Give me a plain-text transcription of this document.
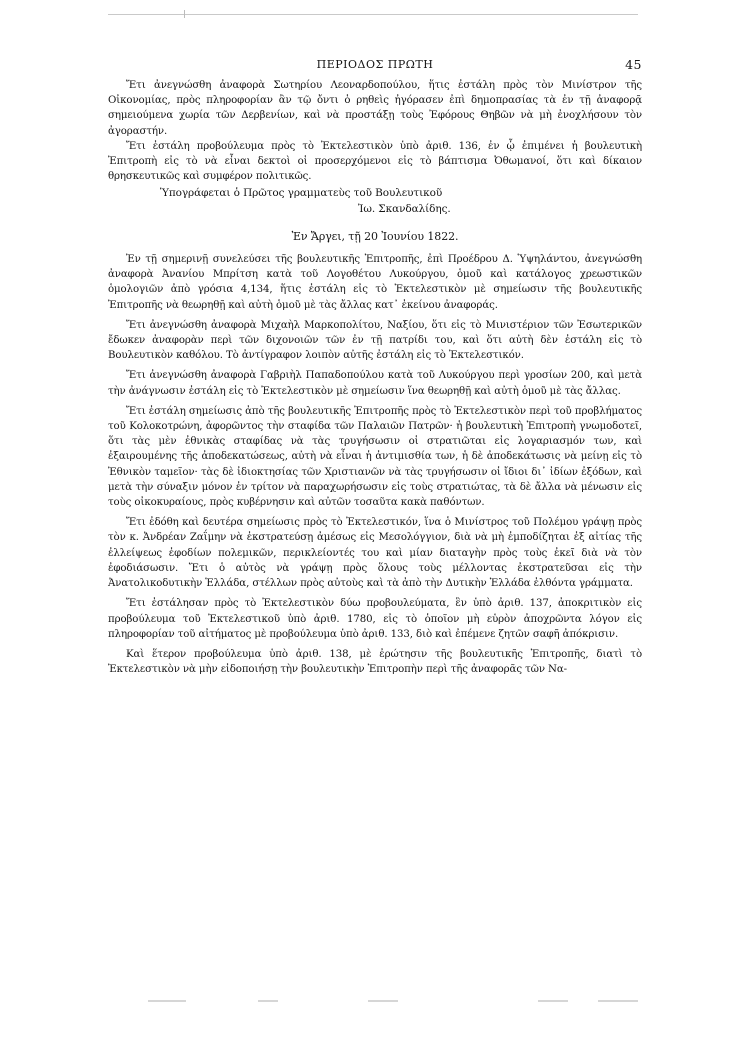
ΠΕΡΙΟΔΟΣ ΠΡΩΤΗ	45

Ἔτι ἀνεγνώσθη ἀναφορὰ Σωτηρίου Λεοναρδοπούλου, ἥτις ἐστάλη πρὸς τὸν Μινίστρον τῆς Οἰκονομίας, πρὸς πληροφορίαν ἂν τῷ ὄντι ὁ ρηθεὶς ἠγόρασεν ἐπὶ δημοπρασίας τὰ ἐν τῇ ἀναφορᾷ σημειούμενα χωρία τῶν Δερβενίων, καὶ νὰ προστάξῃ τοὺς Ἐφόρους Θηβῶν νὰ μὴ ἐνοχλήσουν τὸν ἀγοραστήν.

Ἔτι ἐστάλη προβούλευμα πρὸς τὸ Ἐκτελεστικὸν ὑπὸ ἀριθ. 136, ἐν ᾧ ἐπιμένει ἡ βουλευτικὴ Ἐπιτροπὴ εἰς τὸ νὰ εἶναι δεκτοὶ οἱ προσερχόμενοι εἰς τὸ βάπτισμα Ὀθωμανοί, ὅτι καὶ δίκαιον θρησκευτικῶς καὶ συμφέρον πολιτικῶς.

Ὑπογράφεται ὁ Πρῶτος γραμματεὺς τοῦ Βουλευτικοῦ

Ἰω. Σκανδαλίδης.

Ἐν Ἄργει, τῇ 20 Ἰουνίου 1822.

Ἐν τῇ σημερινῇ συνελεύσει τῆς βουλευτικῆς Ἐπιτροπῆς, ἐπὶ Προέδρου Δ. Ὑψηλάντου, ἀνεγνώσθη ἀναφορὰ Ἀνανίου Μπρίτση κατὰ τοῦ Λογοθέτου Λυκούργου, ὁμοῦ καὶ κατάλογος χρεωστικῶν ὁμολογιῶν ἀπὸ γρόσια 4,134, ἥτις ἐστάλη εἰς τὸ Ἐκτελεστικὸν μὲ σημείωσιν τῆς βουλευτικῆς Ἐπιτροπῆς νὰ θεωρηθῇ καὶ αὐτὴ ὁμοῦ μὲ τὰς ἄλλας κατ᾽ ἐκείνου ἀναφοράς.

Ἔτι ἀνεγνώσθη ἀναφορὰ Μιχαὴλ Μαρκοπολίτου, Ναξίου, ὅτι εἰς τὸ Μινιστέριον τῶν Ἐσωτερικῶν ἔδωκεν ἀναφορὰν περὶ τῶν διχονοιῶν τῶν ἐν τῇ πατρίδι του, καὶ ὅτι αὐτὴ δὲν ἐστάλη εἰς τὸ Βουλευτικὸν καθόλου. Τὸ ἀντίγραφον λοιπὸν αὐτῆς ἐστάλη εἰς τὸ Ἐκτελεστικόν.

Ἔτι ἀνεγνώσθη ἀναφορὰ Γαβριὴλ Παπαδοπούλου κατὰ τοῦ Λυκούργου περὶ γροσίων 200, καὶ μετὰ τὴν ἀνάγνωσιν ἐστάλη εἰς τὸ Ἐκτελεστικὸν μὲ σημείωσιν ἵνα θεωρηθῇ καὶ αὐτὴ ὁμοῦ μὲ τὰς ἄλλας.

Ἔτι ἐστάλη σημείωσις ἀπὸ τῆς βουλευτικῆς Ἐπιτροπῆς πρὸς τὸ Ἐκτελεστικὸν περὶ τοῦ προβλήματος τοῦ Κολοκοτρώνη, ἀφορῶντος τὴν σταφίδα τῶν Παλαιῶν Πατρῶν· ἡ βουλευτικὴ Ἐπιτροπὴ γνωμοδοτεῖ, ὅτι τὰς μὲν ἐθνικὰς σταφίδας νὰ τὰς τρυγήσωσιν οἱ στρατιῶται εἰς λογαριασμόν των, καὶ ἐξαιρουμένης τῆς ἀποδεκατώσεως, αὐτὴ νὰ εἶναι ἡ ἀντιμισθία των, ἡ δὲ ἀποδεκάτωσις νὰ μείνῃ εἰς τὸ Ἐθνικὸν ταμεῖον· τὰς δὲ ἰδιοκτησίας τῶν Χριστιανῶν νὰ τὰς τρυγήσωσιν οἱ ἴδιοι δι᾽ ἰδίων ἐξόδων, καὶ μετὰ τὴν σύναξιν μόνον ἐν τρίτον νὰ παραχωρήσωσιν εἰς τοὺς στρατιώτας, τὰ δὲ ἄλλα νὰ μένωσιν εἰς τοὺς οἰκοκυραίους, πρὸς κυβέρνησιν καὶ αὐτῶν τοσαῦτα κακὰ παθόντων.

Ἔτι ἐδόθη καὶ δευτέρα σημείωσις πρὸς τὸ Ἐκτελεστικόν, ἵνα ὁ Μινίστρος τοῦ Πολέμου γράψῃ πρὸς τὸν κ. Ἀνδρέαν Ζαΐμην νὰ ἐκστρατεύσῃ ἀμέσως εἰς Μεσολόγγιον, διὰ νὰ μὴ ἐμποδίζηται ἐξ αἰτίας τῆς ἐλλείψεως ἐφοδίων πολεμικῶν, περικλείοντές του καὶ μίαν διαταγὴν πρὸς τοὺς ἐκεῖ διὰ νὰ τὸν ἐφοδιάσωσιν. Ἔτι ὁ αὐτὸς νὰ γράψῃ πρὸς ὅλους τοὺς μέλλοντας ἐκστρατεῦσαι εἰς τὴν Ἀνατολικοδυτικὴν Ἑλλάδα, στέλλων πρὸς αὐτοὺς καὶ τὰ ἀπὸ τὴν Δυτικὴν Ἑλλάδα ἐλθόντα γράμματα.

Ἔτι ἐστάλησαν πρὸς τὸ Ἐκτελεστικὸν δύω προβουλεύματα, ἓν ὑπὸ ἀριθ. 137, ἀποκριτικὸν εἰς προβούλευμα τοῦ Ἐκτελεστικοῦ ὑπὸ ἀριθ. 1780, εἰς τὸ ὁποῖον μὴ εὑρὸν ἀποχρῶντα λόγον εἰς πληροφορίαν τοῦ αἰτήματος μὲ προβούλευμα ὑπὸ ἀριθ. 133, διὸ καὶ ἐπέμενε ζητῶν σαφῆ ἀπόκρισιν.

Καὶ ἕτερον προβούλευμα ὑπὸ ἀριθ. 138, μὲ ἐρώτησιν τῆς βουλευτικῆς Ἐπιτροπῆς, διατὶ τὸ Ἐκτελεστικὸν νὰ μὴν εἰδοποιήσῃ τὴν βουλευτικὴν Ἐπιτροπὴν περὶ τῆς ἀναφορᾶς τῶν Να-
